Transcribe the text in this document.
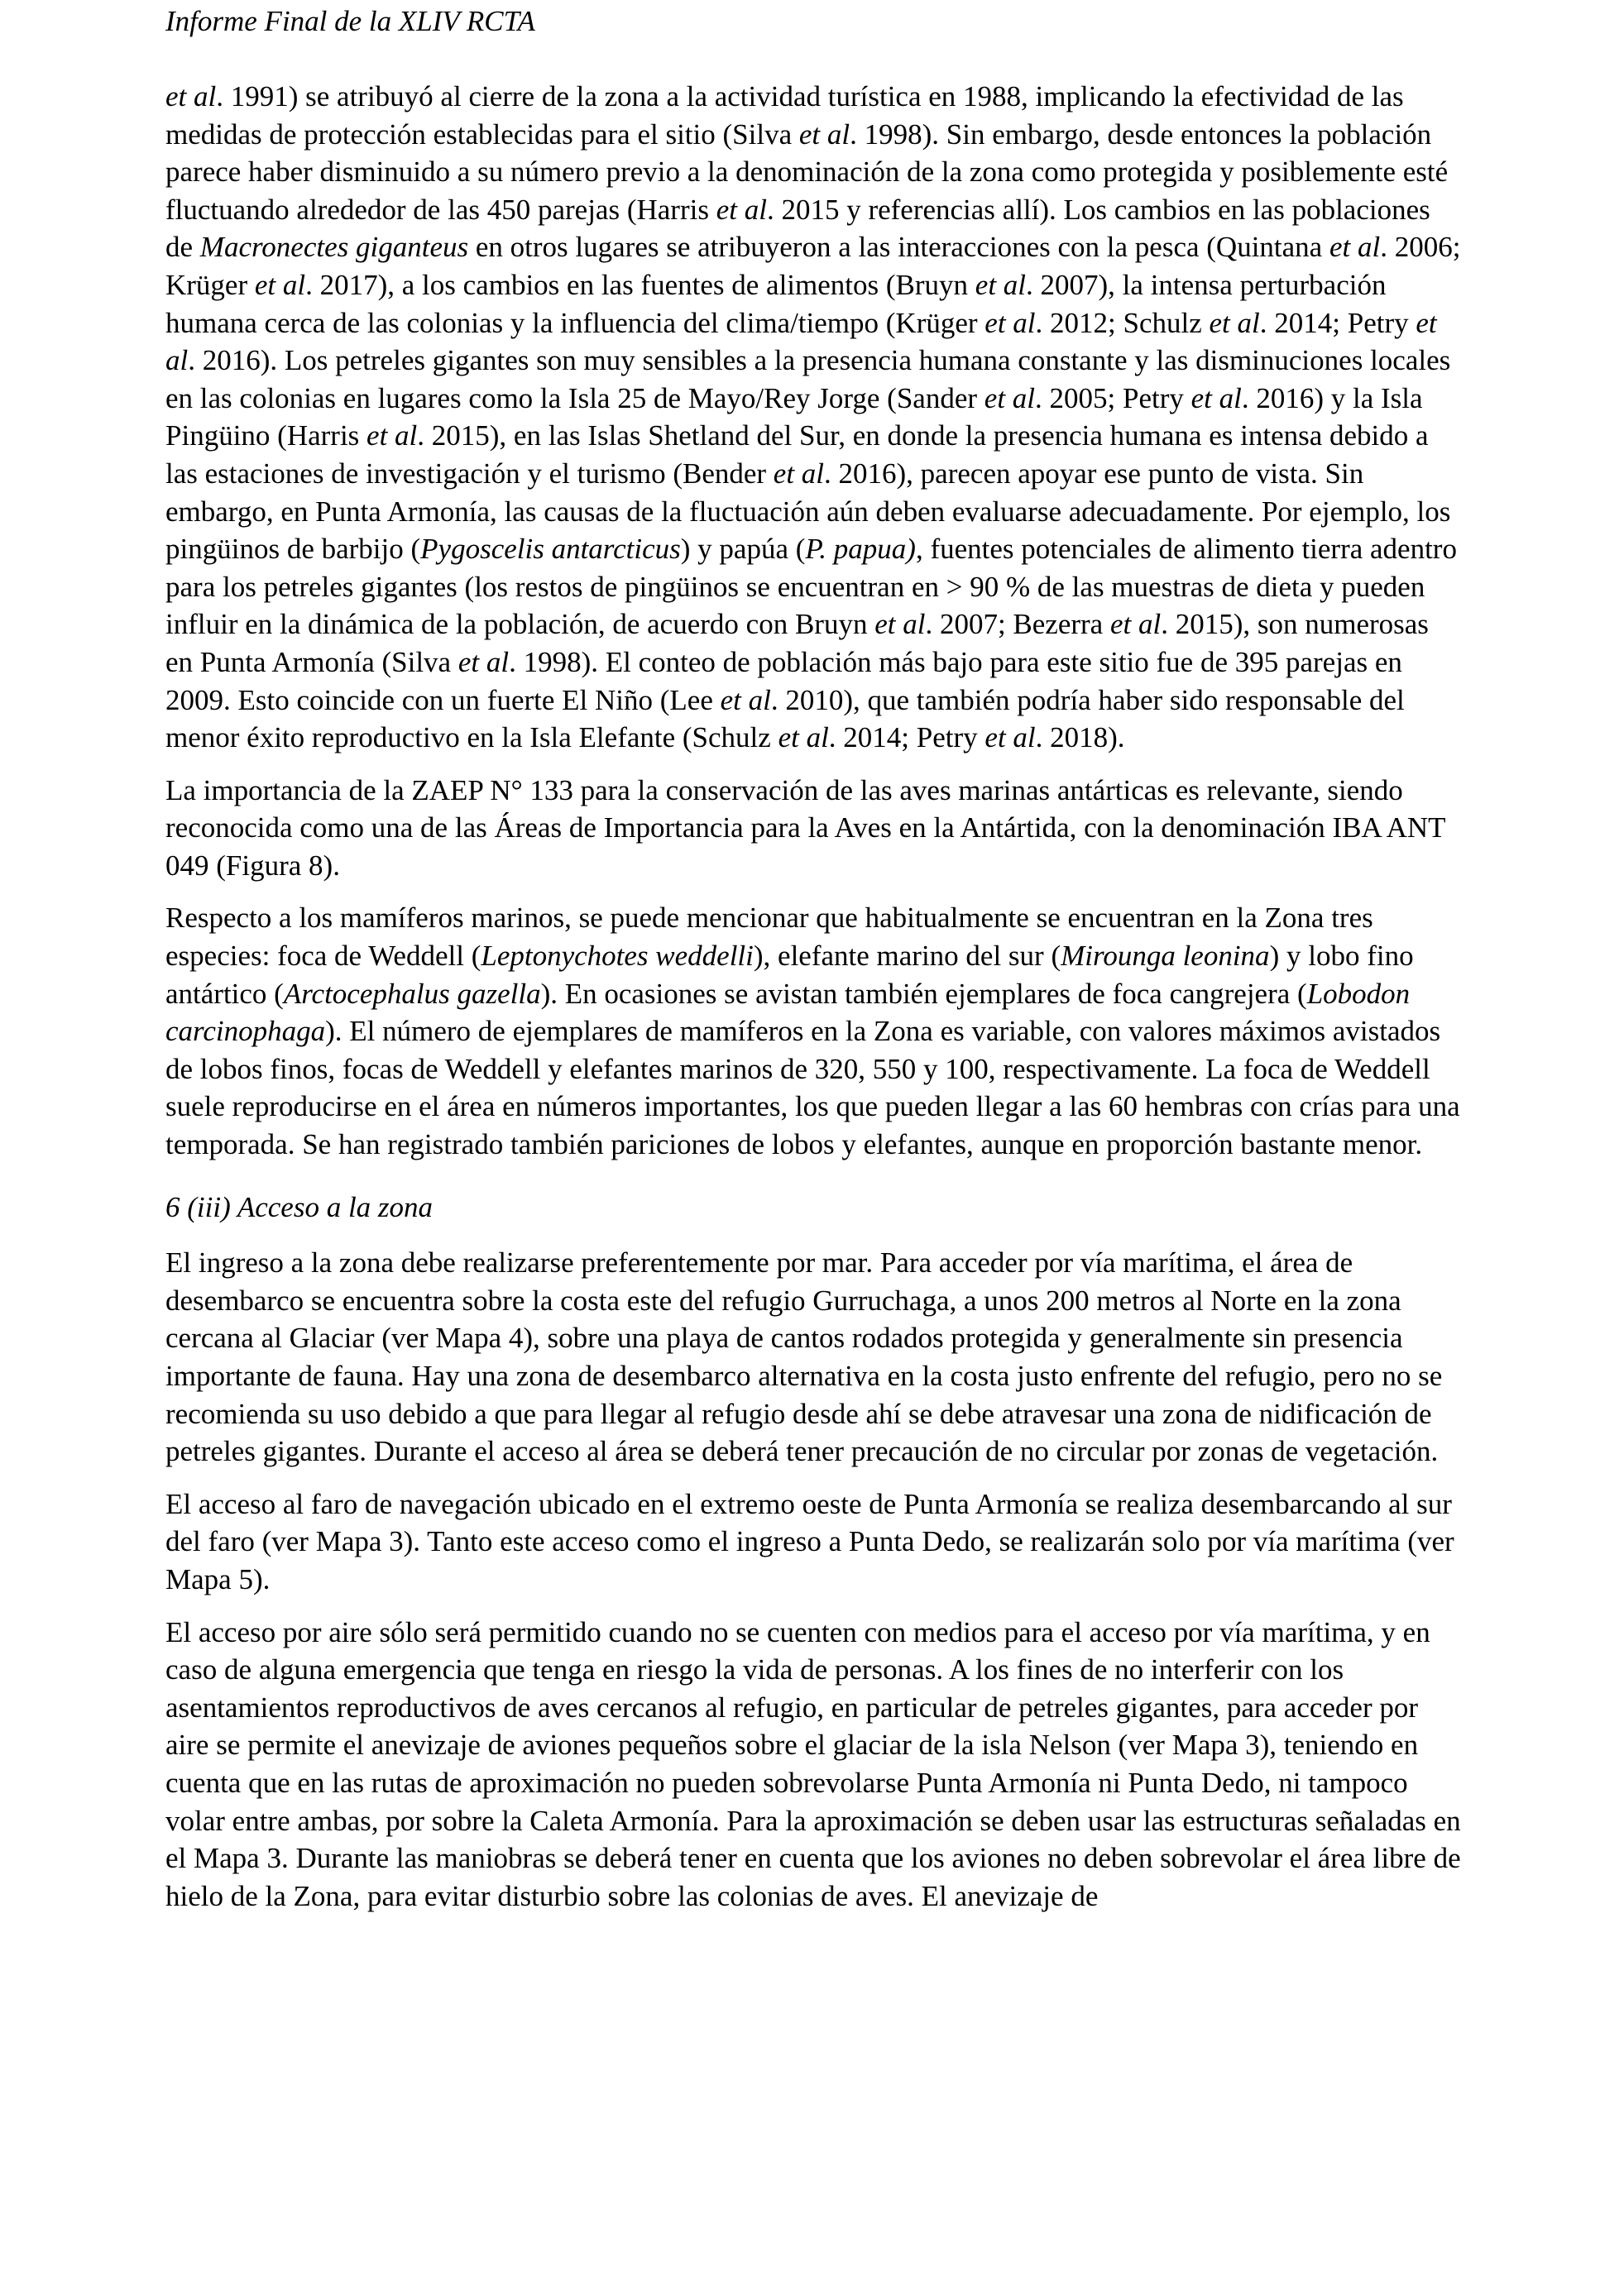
Informe Final de la XLIV RCTA

et al. 1991) se atribuyó al cierre de la zona a la actividad turística en 1988, implicando la efectividad de las medidas de protección establecidas para el sitio (Silva et al. 1998). Sin embargo, desde entonces la población parece haber disminuido a su número previo a la denominación de la zona como protegida y posiblemente esté fluctuando alrededor de las 450 parejas (Harris et al. 2015 y referencias allí). Los cambios en las poblaciones de Macronectes giganteus en otros lugares se atribuyeron a las interacciones con la pesca (Quintana et al. 2006; Krüger et al. 2017), a los cambios en las fuentes de alimentos (Bruyn et al. 2007), la intensa perturbación humana cerca de las colonias y la influencia del clima/tiempo (Krüger et al. 2012; Schulz et al. 2014; Petry et al. 2016). Los petreles gigantes son muy sensibles a la presencia humana constante y las disminuciones locales en las colonias en lugares como la Isla 25 de Mayo/Rey Jorge (Sander et al. 2005; Petry et al. 2016) y la Isla Pingüino (Harris et al. 2015), en las Islas Shetland del Sur, en donde la presencia humana es intensa debido a las estaciones de investigación y el turismo (Bender et al. 2016), parecen apoyar ese punto de vista. Sin embargo, en Punta Armonía, las causas de la fluctuación aún deben evaluarse adecuadamente. Por ejemplo, los pingüinos de barbijo (Pygoscelis antarcticus) y papúa (P. papua), fuentes potenciales de alimento tierra adentro para los petreles gigantes (los restos de pingüinos se encuentran en > 90 % de las muestras de dieta y pueden influir en la dinámica de la población, de acuerdo con Bruyn et al. 2007; Bezerra et al. 2015), son numerosas en Punta Armonía (Silva et al. 1998). El conteo de población más bajo para este sitio fue de 395 parejas en 2009. Esto coincide con un fuerte El Niño (Lee et al. 2010), que también podría haber sido responsable del menor éxito reproductivo en la Isla Elefante (Schulz et al. 2014; Petry et al. 2018).

La importancia de la ZAEP N° 133 para la conservación de las aves marinas antárticas es relevante, siendo reconocida como una de las Áreas de Importancia para la Aves en la Antártida, con la denominación IBA ANT 049 (Figura 8).

Respecto a los mamíferos marinos, se puede mencionar que habitualmente se encuentran en la Zona tres especies: foca de Weddell (Leptonychotes weddelli), elefante marino del sur (Mirounga leonina) y lobo fino antártico (Arctocephalus gazella). En ocasiones se avistan también ejemplares de foca cangrejera (Lobodon carcinophaga). El número de ejemplares de mamíferos en la Zona es variable, con valores máximos avistados de lobos finos, focas de Weddell y elefantes marinos de 320, 550 y 100, respectivamente. La foca de Weddell suele reproducirse en el área en números importantes, los que pueden llegar a las 60 hembras con crías para una temporada. Se han registrado también pariciones de lobos y elefantes, aunque en proporción bastante menor.

6 (iii) Acceso a la zona

El ingreso a la zona debe realizarse preferentemente por mar. Para acceder por vía marítima, el área de desembarco se encuentra sobre la costa este del refugio Gurruchaga, a unos 200 metros al Norte en la zona cercana al Glaciar (ver Mapa 4), sobre una playa de cantos rodados protegida y generalmente sin presencia importante de fauna. Hay una zona de desembarco alternativa en la costa justo enfrente del refugio, pero no se recomienda su uso debido a que para llegar al refugio desde ahí se debe atravesar una zona de nidificación de petreles gigantes. Durante el acceso al área se deberá tener precaución de no circular por zonas de vegetación.

El acceso al faro de navegación ubicado en el extremo oeste de Punta Armonía se realiza desembarcando al sur del faro (ver Mapa 3). Tanto este acceso como el ingreso a Punta Dedo, se realizarán solo por vía marítima (ver Mapa 5).

El acceso por aire sólo será permitido cuando no se cuenten con medios para el acceso por vía marítima, y en caso de alguna emergencia que tenga en riesgo la vida de personas. A los fines de no interferir con los asentamientos reproductivos de aves cercanos al refugio, en particular de petreles gigantes, para acceder por aire se permite el anevizaje de aviones pequeños sobre el glaciar de la isla Nelson (ver Mapa 3), teniendo en cuenta que en las rutas de aproximación no pueden sobrevolarse Punta Armonía ni Punta Dedo, ni tampoco volar entre ambas, por sobre la Caleta Armonía. Para la aproximación se deben usar las estructuras señaladas en el Mapa 3. Durante las maniobras se deberá tener en cuenta que los aviones no deben sobrevolar el área libre de hielo de la Zona, para evitar disturbio sobre las colonias de aves. El anevizaje de
